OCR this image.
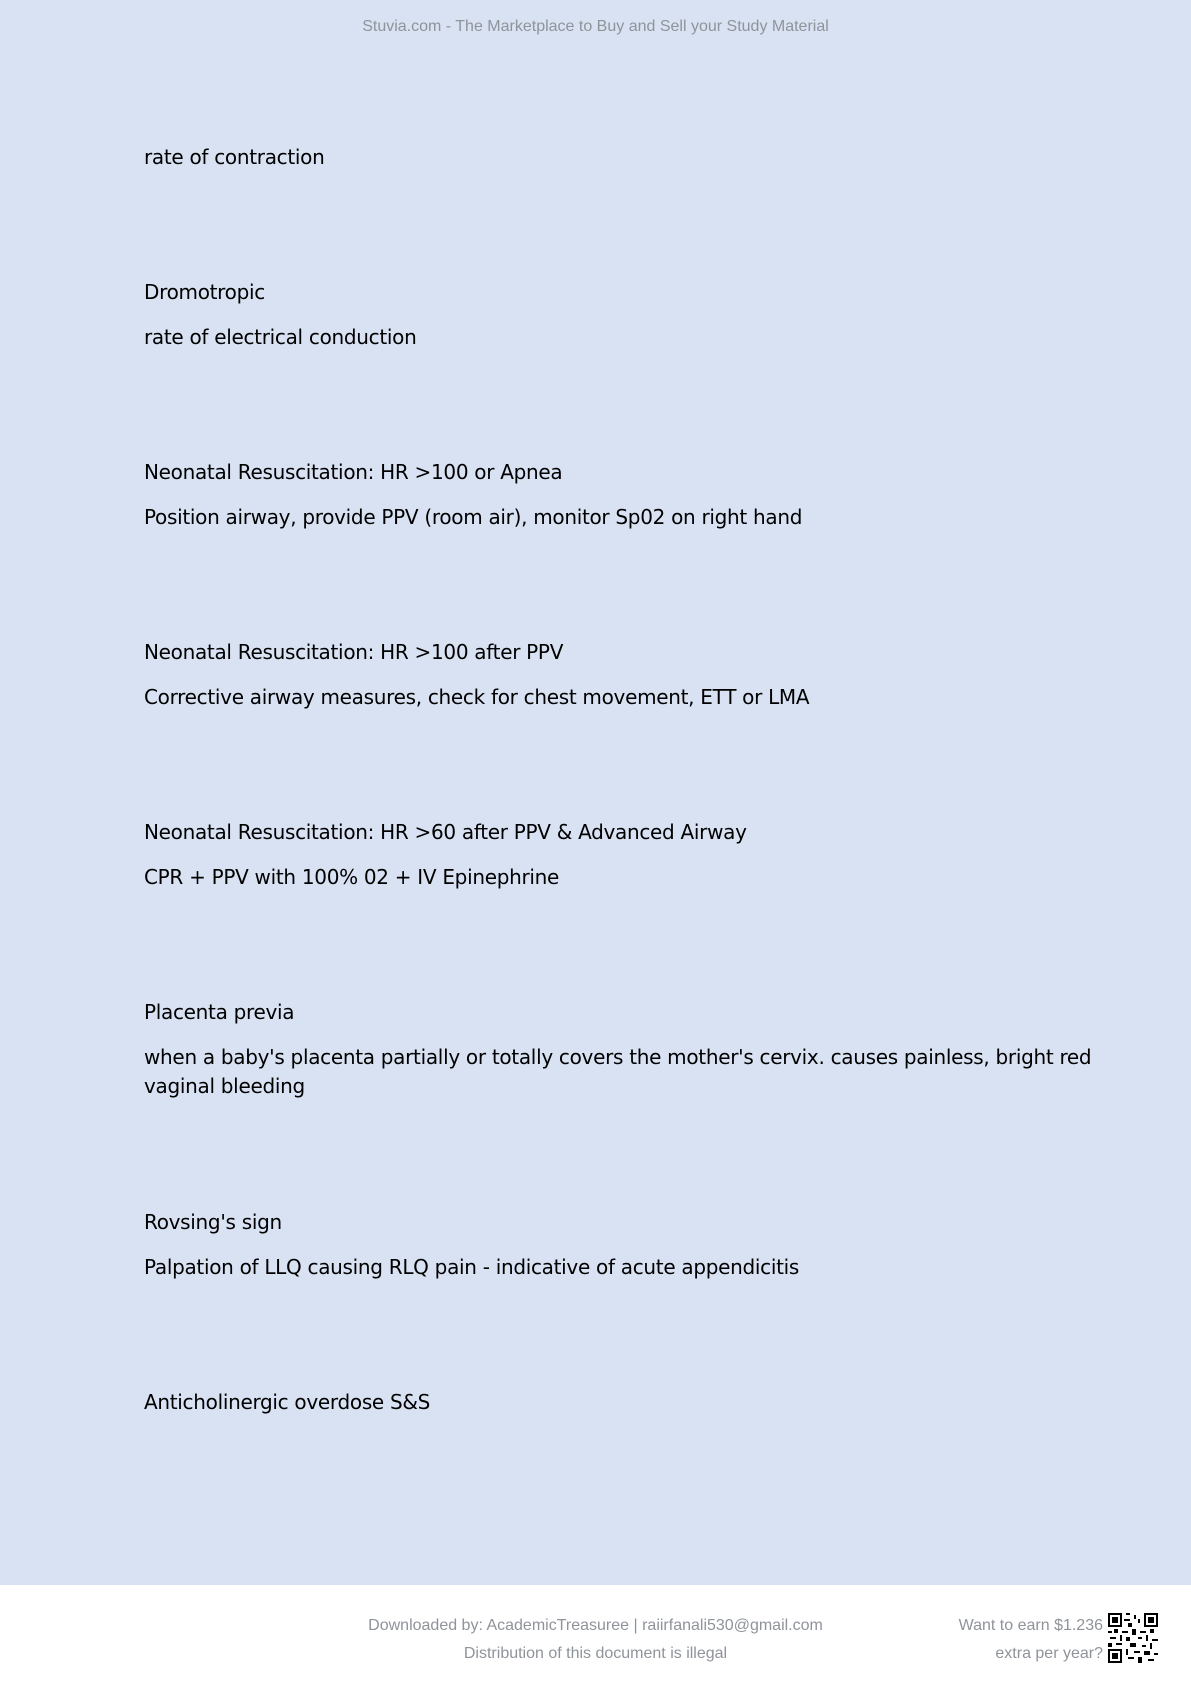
Stuvia.com - The Marketplace to Buy and Sell your Study Material
rate of contraction
Dromotropic
rate of electrical conduction
Neonatal Resuscitation: HR >100 or Apnea
Position airway, provide PPV (room air), monitor Sp02 on right hand
Neonatal Resuscitation: HR >100 after PPV
Corrective airway measures, check for chest movement, ETT or LMA
Neonatal Resuscitation: HR >60 after PPV & Advanced Airway
CPR + PPV with 100% 02 + IV Epinephrine
Placenta previa
when a baby's placenta partially or totally covers the mother's cervix. causes painless, bright red vaginal bleeding
Rovsing's sign
Palpation of LLQ causing RLQ pain - indicative of acute appendicitis
Anticholinergic overdose S&S
Downloaded by: AcademicTreasuree | raiirfanali530@gmail.com
Distribution of this document is illegal
Want to earn $1.236
extra per year?
